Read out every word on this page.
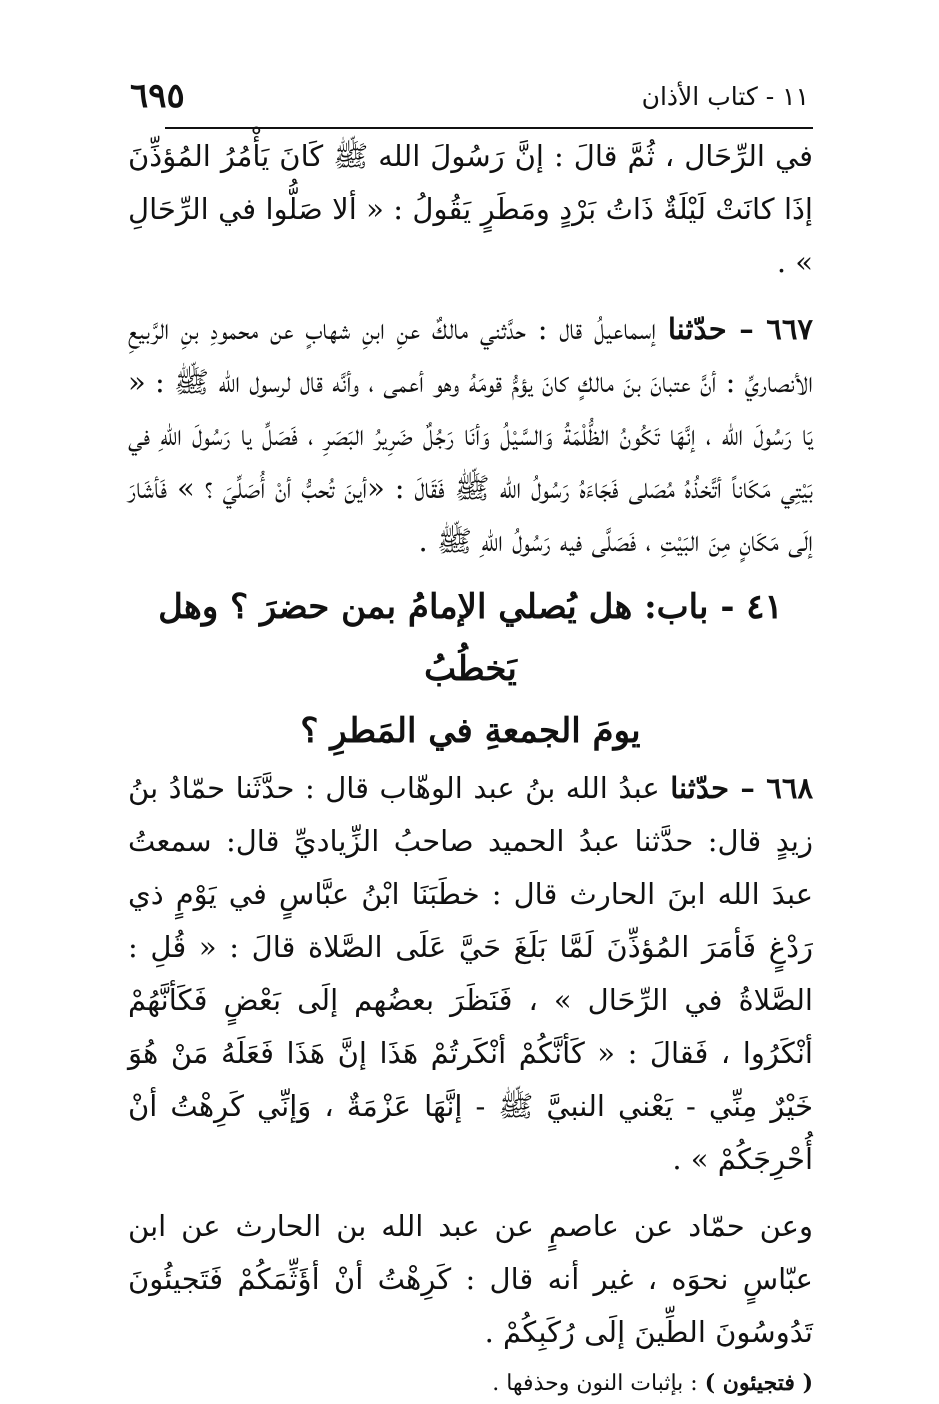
١١ - كتاب الأذان
٦٩٥

في الرِّحَال ، ثُمَّ قالَ : إنَّ رَسُولَ الله ﷺ كَانَ يَأْمُرُ المُؤذِّنَ إذَا كانَتْ لَيْلَةٌ ذَاتُ بَرْدٍ ومَطَرٍ يَقُولُ : « ألا صَلُّوا في الرِّحَالِ » .

٦٦٧ – حدّثنا إسماعيلُ قال : حدَّثني مالكٌ عنِ ابنِ شهابٍ عن محمودِ بنِ الرَّبيعِ الأنصاريِّ : أنَّ عتبانَ بنَ مالكٍ كانَ يؤمُّ قومَهُ وهو أعمى ، وأنَّه قال لرسول الله ﷺ : « يَا رَسُولَ الله ، إنَّهَا تَكُونُ الظُّلْمَةُ وَالسَّيْلُ وَأنَا رَجُلٌ ضَرِيرُ البَصَرِ ، فَصَلِّ يا رَسُولَ اللهِ في بَيْتِي مَكَاناً أتَّخذُهُ مُصَلى فَجَاءَهُ رَسُولُ الله ﷺ فَقَالَ : «أينَ تُحبُّ أنْ أُصَلِّيَ ؟ » فَأشَارَ إلَى مَكَانٍ مِنَ البَيْتِ ، فَصَلَّى فيه رَسُولُ اللهِ ﷺ .

٤١ - باب: هل يُصلي الإمامُ بمن حضرَ ؟ وهل يَخطُبُ
يومَ الجمعةِ في المَطرِ ؟

٦٦٨ – حدّثنا عبدُ الله بنُ عبد الوهّاب قال : حدَّثَنا حمّادُ بنُ زيدٍ قال: حدَّثنا عبدُ الحميد صاحبُ الزِّياديِّ قال: سمعتُ عبدَ الله ابنَ الحارث قال : خطَبَنَا ابْنُ عبَّاسٍ في يَوْمٍ ذي رَدْغٍ فَأمَرَ المُؤذِّنَ لَمَّا بَلَغَ حَيَّ عَلَى الصَّلاة قالَ : « قُلِ : الصَّلاةُ في الرِّحَال » ، فَنَظَرَ بعضُهم إلَى بَعْضٍ فَكَأنَّهُمْ أنْكَرُوا ، فَقالَ : « كَأنَّكُمْ أنْكَرتُمْ هَذَا إنَّ هَذَا فَعَلَهُ مَنْ هُوَ خَيْرٌ مِنِّي - يَعْني النبيَّ ﷺ - إنَّهَا عَزْمَةٌ ، وَإنِّي كَرِهْتُ أنْ أُحْرِجَكُمْ » .

وعن حمّاد عن عاصمٍ عن عبد الله بن الحارث عن ابن عبّاسٍ نحوَه ، غير أنه قال : كَرِهْتُ أنْ أؤَثِّمَكُمْ فَتَجيئُونَ تَدُوسُونَ الطِّينَ إلَى رُكَبِكُمْ .

( فتجيئون ) : بإثبات النون وحذفها .
